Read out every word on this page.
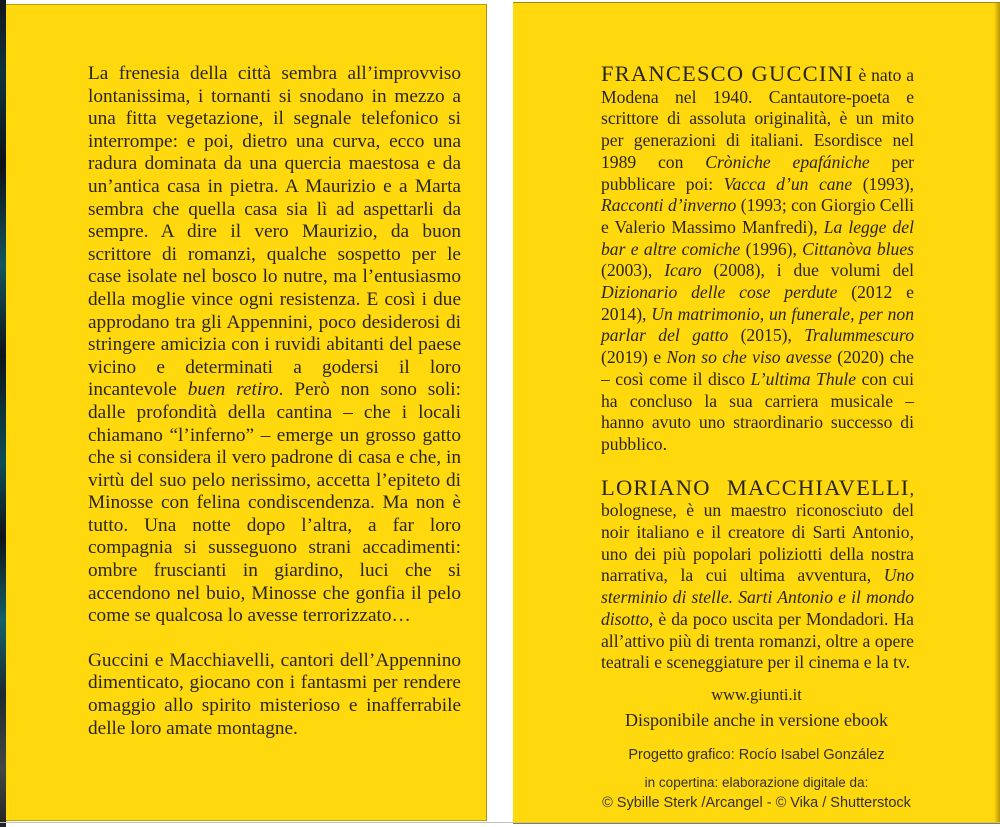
La frenesia della città sembra all’improvviso lontanissima, i tornanti si snodano in mezzo a una fitta vegetazione, il segnale telefonico si interrompe: e poi, dietro una curva, ecco una radura dominata da una quercia maestosa e da un’antica casa in pietra. A Maurizio e a Marta sembra che quella casa sia lì ad aspettarli da sempre. A dire il vero Maurizio, da buon scrittore di romanzi, qualche sospetto per le case isolate nel bosco lo nutre, ma l’entusiasmo della moglie vince ogni resistenza. E così i due approdano tra gli Appennini, poco desiderosi di stringere amicizia con i ruvidi abitanti del paese vicino e determinati a godersi il loro incantevole buen retiro. Però non sono soli: dalle profondità della cantina – che i locali chiamano “l’inferno” – emerge un grosso gatto che si considera il vero padrone di casa e che, in virtù del suo pelo nerissimo, accetta l’epiteto di Minosse con felina condiscendenza. Ma non è tutto. Una notte dopo l’altra, a far loro compagnia si susseguono strani accadimenti: ombre fruscianti in giardino, luci che si accendono nel buio, Minosse che gonfia il pelo come se qualcosa lo avesse terrorizzato…

Guccini e Macchiavelli, cantori dell’Appennino dimenticato, giocano con i fantasmi per rendere omaggio allo spirito misterioso e inafferrabile delle loro amate montagne.

FRANCESCO GUCCINI è nato a Modena nel 1940. Cantautore-poeta e scrittore di assoluta originalità, è un mito per generazioni di italiani. Esordisce nel 1989 con Cròniche epafániche per pubblicare poi: Vacca d’un cane (1993), Racconti d’inverno (1993; con Giorgio Celli e Valerio Massimo Manfredi), La legge del bar e altre comiche (1996), Cittanòva blues (2003), Icaro (2008), i due volumi del Dizionario delle cose perdute (2012 e 2014), Un matrimonio, un funerale, per non parlar del gatto (2015), Tralummescuro (2019) e Non so che viso avesse (2020) che – così come il disco L’ultima Thule con cui ha concluso la sua carriera musicale – hanno avuto uno straordinario successo di pubblico.

LORIANO MACCHIAVELLI, bolognese, è un maestro riconosciuto del noir italiano e il creatore di Sarti Antonio, uno dei più popolari poliziotti della nostra narrativa, la cui ultima avventura, Uno sterminio di stelle. Sarti Antonio e il mondo disotto, è da poco uscita per Mondadori. Ha all’attivo più di trenta romanzi, oltre a opere teatrali e sceneggiature per il cinema e la tv.

www.giunti.it
Disponibile anche in versione ebook
Progetto grafico: Rocío Isabel González
in copertina: elaborazione digitale da:
© Sybille Sterk /Arcangel - © Vika / Shutterstock
